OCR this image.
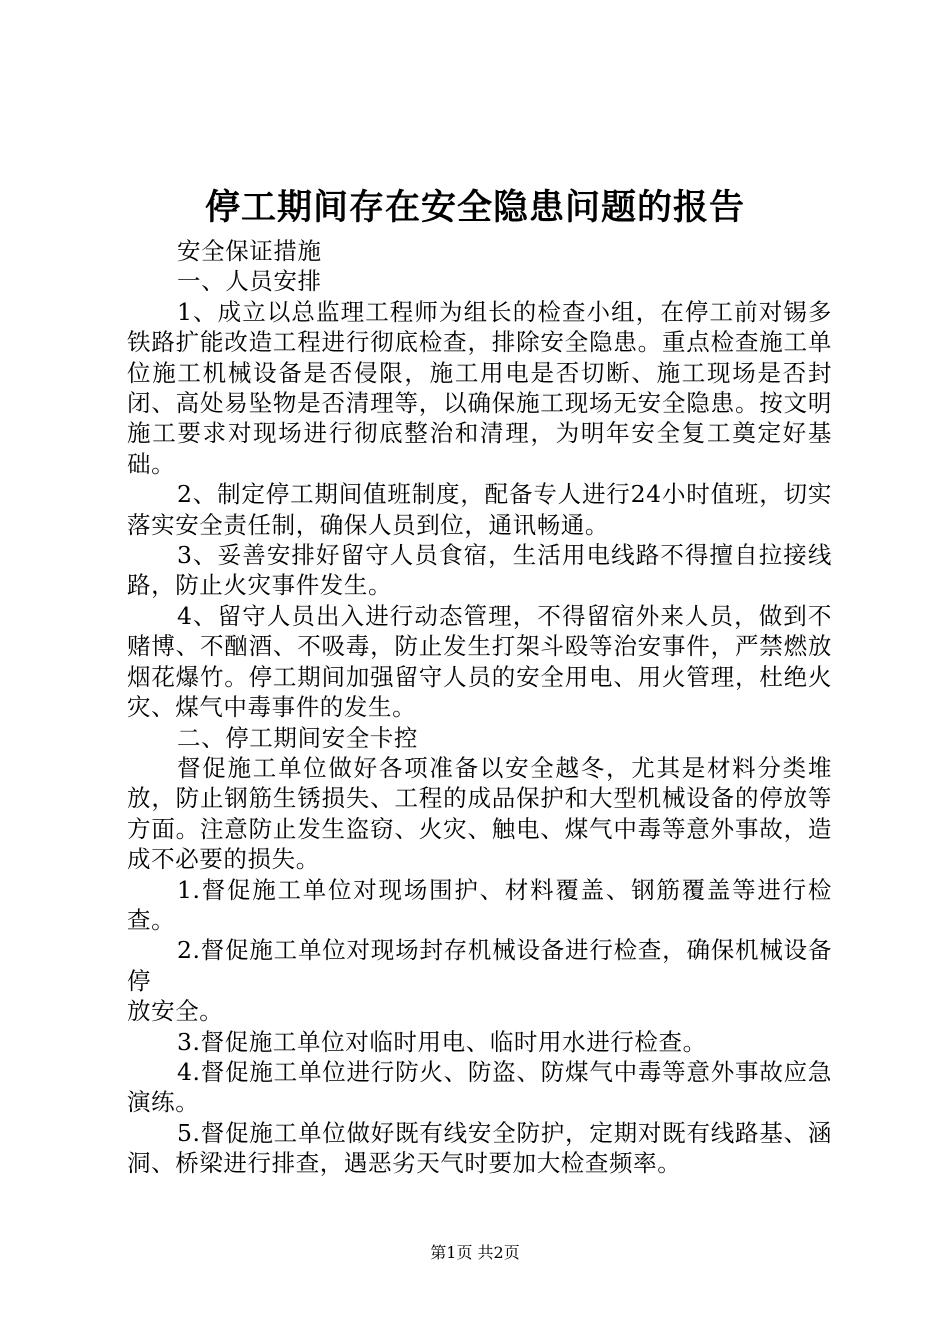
停工期间存在安全隐患问题的报告

安全保证措施

一、人员安排

1、成立以总监理工程师为组长的检查小组，在停工前对锡多铁路扩能改造工程进行彻底检查，排除安全隐患。重点检查施工单位施工机械设备是否侵限，施工用电是否切断、施工现场是否封闭、高处易坠物是否清理等，以确保施工现场无安全隐患。按文明施工要求对现场进行彻底整治和清理，为明年安全复工奠定好基础。

2、制定停工期间值班制度，配备专人进行24小时值班，切实落实安全责任制，确保人员到位，通讯畅通。

3、妥善安排好留守人员食宿，生活用电线路不得擅自拉接线路，防止火灾事件发生。

4、留守人员出入进行动态管理，不得留宿外来人员，做到不赌博、不酗酒、不吸毒，防止发生打架斗殴等治安事件，严禁燃放烟花爆竹。停工期间加强留守人员的安全用电、用火管理，杜绝火灾、煤气中毒事件的发生。

二、停工期间安全卡控

督促施工单位做好各项准备以安全越冬，尤其是材料分类堆放，防止钢筋生锈损失、工程的成品保护和大型机械设备的停放等方面。注意防止发生盗窃、火灾、触电、煤气中毒等意外事故，造成不必要的损失。

1.督促施工单位对现场围护、材料覆盖、钢筋覆盖等进行检查。

2.督促施工单位对现场封存机械设备进行检查，确保机械设备停

放安全。

3.督促施工单位对临时用电、临时用水进行检查。

4.督促施工单位进行防火、防盗、防煤气中毒等意外事故应急演练。

5.督促施工单位做好既有线安全防护，定期对既有线路基、涵洞、桥梁进行排查，遇恶劣天气时要加大检查频率。

第1页 共2页
